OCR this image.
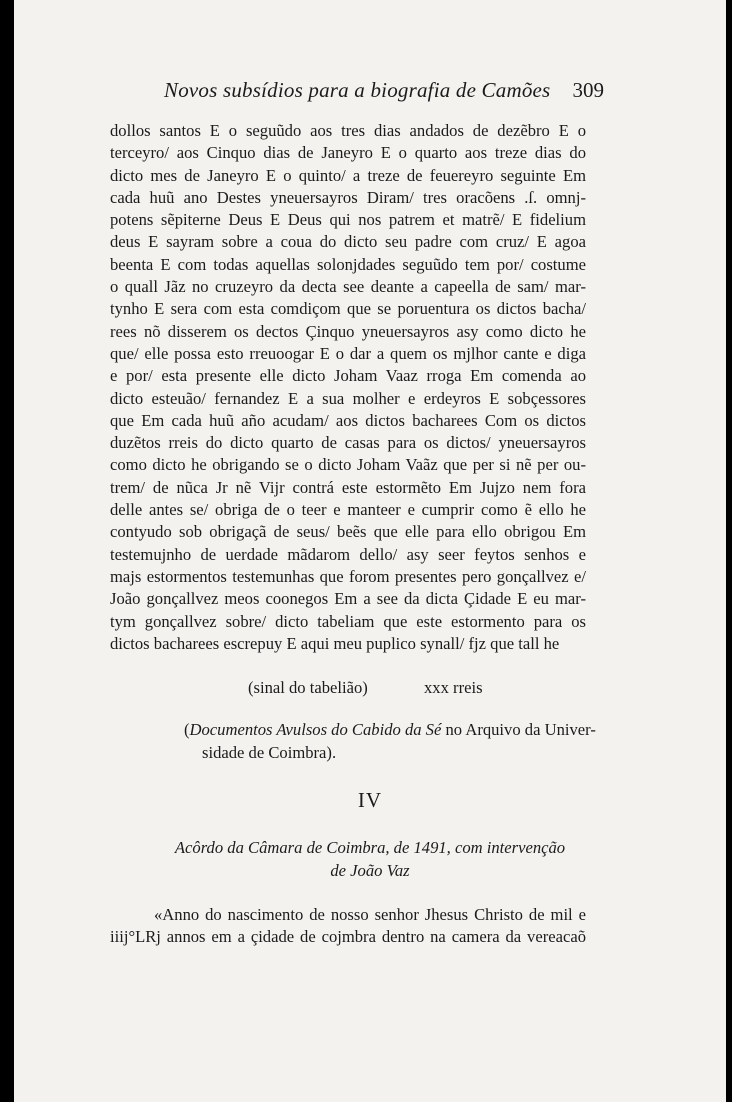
Novos subsídios para a biografia de Camões 309
dollos santos E o seguũdo aos tres dias andados de dezẽbro E o
terceyro/ aos Cinquo dias de Janeyro E o quarto aos treze dias do
dicto mes de Janeyro E o quinto/ a treze de feuereyro seguinte Em
cada huũ ano Destes yneuersayros Diram/ tres oracõens .ſ. omnj-
potens sẽpiterne Deus E Deus qui nos patrem et matrẽ/ E fidelium
deus E sayram sobre a coua do dicto seu padre com cruz/ E agoa
beenta E com todas aquellas solonjdades seguũdo tem por/ costume
o quall Jãz no cruzeyro da decta see deante a capeella de sam/ mar-
tynho E sera com esta comdiçom que se poruentura os dictos bacha/
rees nõ disserem os dectos Çinquo yneuersayros asy como dicto he
que/ elle possa esto rreuoogar E o dar a quem os mjlhor cante e diga
e por/ esta presente elle dicto Joham Vaaz rroga Em comenda ao
dicto esteuão/ fernandez E a sua molher e erdeyros E sobçessores
que Em cada huũ año acudam/ aos dictos bacharees Com os dictos
duzẽtos rreis do dicto quarto de casas para os dictos/ yneuersayros
como dicto he obrigando se o dicto Joham Vaãz que per si nẽ per ou-
trem/ de nũca Jr nẽ Vijr contrá este estormẽto Em Jujzo nem fora
delle antes se/ obriga de o teer e manteer e cumprir como ẽ ello he
contyudo sob obrigaçã de seus/ beẽs que elle para ello obrigou Em
testemujnho de uerdade mãdarom dello/ asy seer feytos senhos e
majs estormentos testemunhas que forom presentes pero gonçallvez e/
João gonçallvez meos coonegos Em a see da dicta Çidade E eu mar-
tym gonçallvez sobre/ dicto tabeliam que este estormento para os
dictos bacharees escrepuy E aqui meu puplico synall/ fjz que tall he
(sinal do tabelião)	xxx rreis
(Documentos Avulsos do Cabido da Sé no Arquivo da Univer-
sidade de Coimbra).
IV
Acôrdo da Câmara de Coimbra, de 1491, com intervenção
de João Vaz
«Anno do nascimento de nosso senhor Jhesus Christo de mil e
iiij°LRj annos em a çidade de cojmbra dentro na camera da vereacaõ
